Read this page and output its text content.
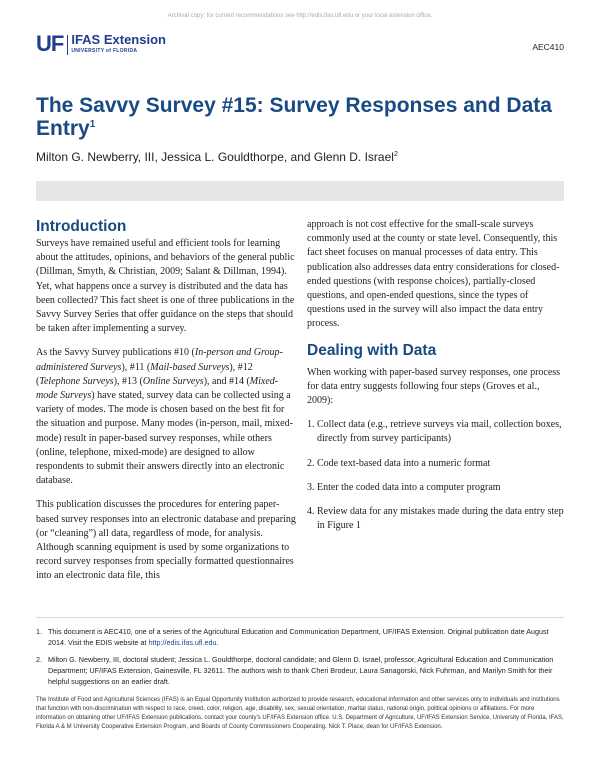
Archival copy: for current recommendations see http://edis.ifas.ufl.edu or your local extension office.
UF IFAS Extension
UNIVERSITY of FLORIDA	AEC410
The Savvy Survey #15: Survey Responses and Data Entry$^1$
Milton G. Newberry, III, Jessica L. Gouldthorpe, and Glenn D. Israel$^2$
Introduction

Surveys have remained useful and efficient tools for learning about the attitudes, opinions, and behaviors of the general public (Dillman, Smyth, & Christian, 2009; Salant & Dillman, 1994). Yet, what happens once a survey is distributed and the data has been collected? This fact sheet is one of three publications in the Savvy Survey Series that offer guidance on the steps that should be taken after implementing a survey.

As the Savvy Survey publications #10 (In-person and Group-administered Surveys), #11 (Mail-based Surveys), #12 (Telephone Surveys), #13 (Online Surveys), and #14 (Mixed-mode Surveys) have stated, survey data can be collected using a variety of modes. The mode is chosen based on the best fit for the situation and purpose. Many modes (in-person, mail, mixed-mode) result in paper-based survey responses, while others (online, telephone, mixed-mode) are designed to allow respondents to submit their answers directly into an electronic database.

This publication discusses the procedures for entering paper-based survey responses into an electronic database and preparing (or “cleaning”) all data, regardless of mode, for analysis. Although scanning equipment is used by some organizations to record survey responses from specially formatted questionnaires into an electronic data file, this

approach is not cost effective for the small-scale surveys commonly used at the county or state level. Consequently, this fact sheet focuses on manual processes of data entry. This publication also addresses data entry considerations for closed-ended questions (with response choices), partially-closed questions, and open-ended questions, since the types of questions used in the survey will also impact the data entry process.

Dealing with Data

When working with paper-based survey responses, one process for data entry suggests following four steps (Groves et al., 2009):

1. Collect data (e.g., retrieve surveys via mail, collection boxes, directly from survey participants)
2. Code text-based data into a numeric format
3. Enter the coded data into a computer program
4. Review data for any mistakes made during the data entry step in Figure 1
1. This document is AEC410, one of a series of the Agricultural Education and Communication Department, UF/IFAS Extension. Original publication date August 2014. Visit the EDIS website at http://edis.ifas.ufl.edu.
2. Milton G. Newberry, III, doctoral student; Jessica L. Gouldthorpe, doctoral candidate; and Glenn D. Israel, professor, Agricultural Education and Communication Department; UF/IFAS Extension, Gainesville, FL 32611. The authors wish to thank Cheri Brodeur, Laura Sanagorski, Nick Fuhrman, and Marilyn Smith for their helpful suggestions on an earlier draft.
The Institute of Food and Agricultural Sciences (IFAS) is an Equal Opportunity Institution authorized to provide research, educational information and other services only to individuals and institutions that function with non-discrimination with respect to race, creed, color, religion, age, disability, sex, sexual orientation, marital status, national origin, political opinions or affiliations. For more information on obtaining other UF/IFAS Extension publications, contact your county’s UF/IFAS Extension office. U.S. Department of Agriculture, UF/IFAS Extension Service, University of Florida, IFAS, Florida A & M University Cooperative Extension Program, and Boards of County Commissioners Cooperating. Nick T. Place, dean for UF/IFAS Extension.
